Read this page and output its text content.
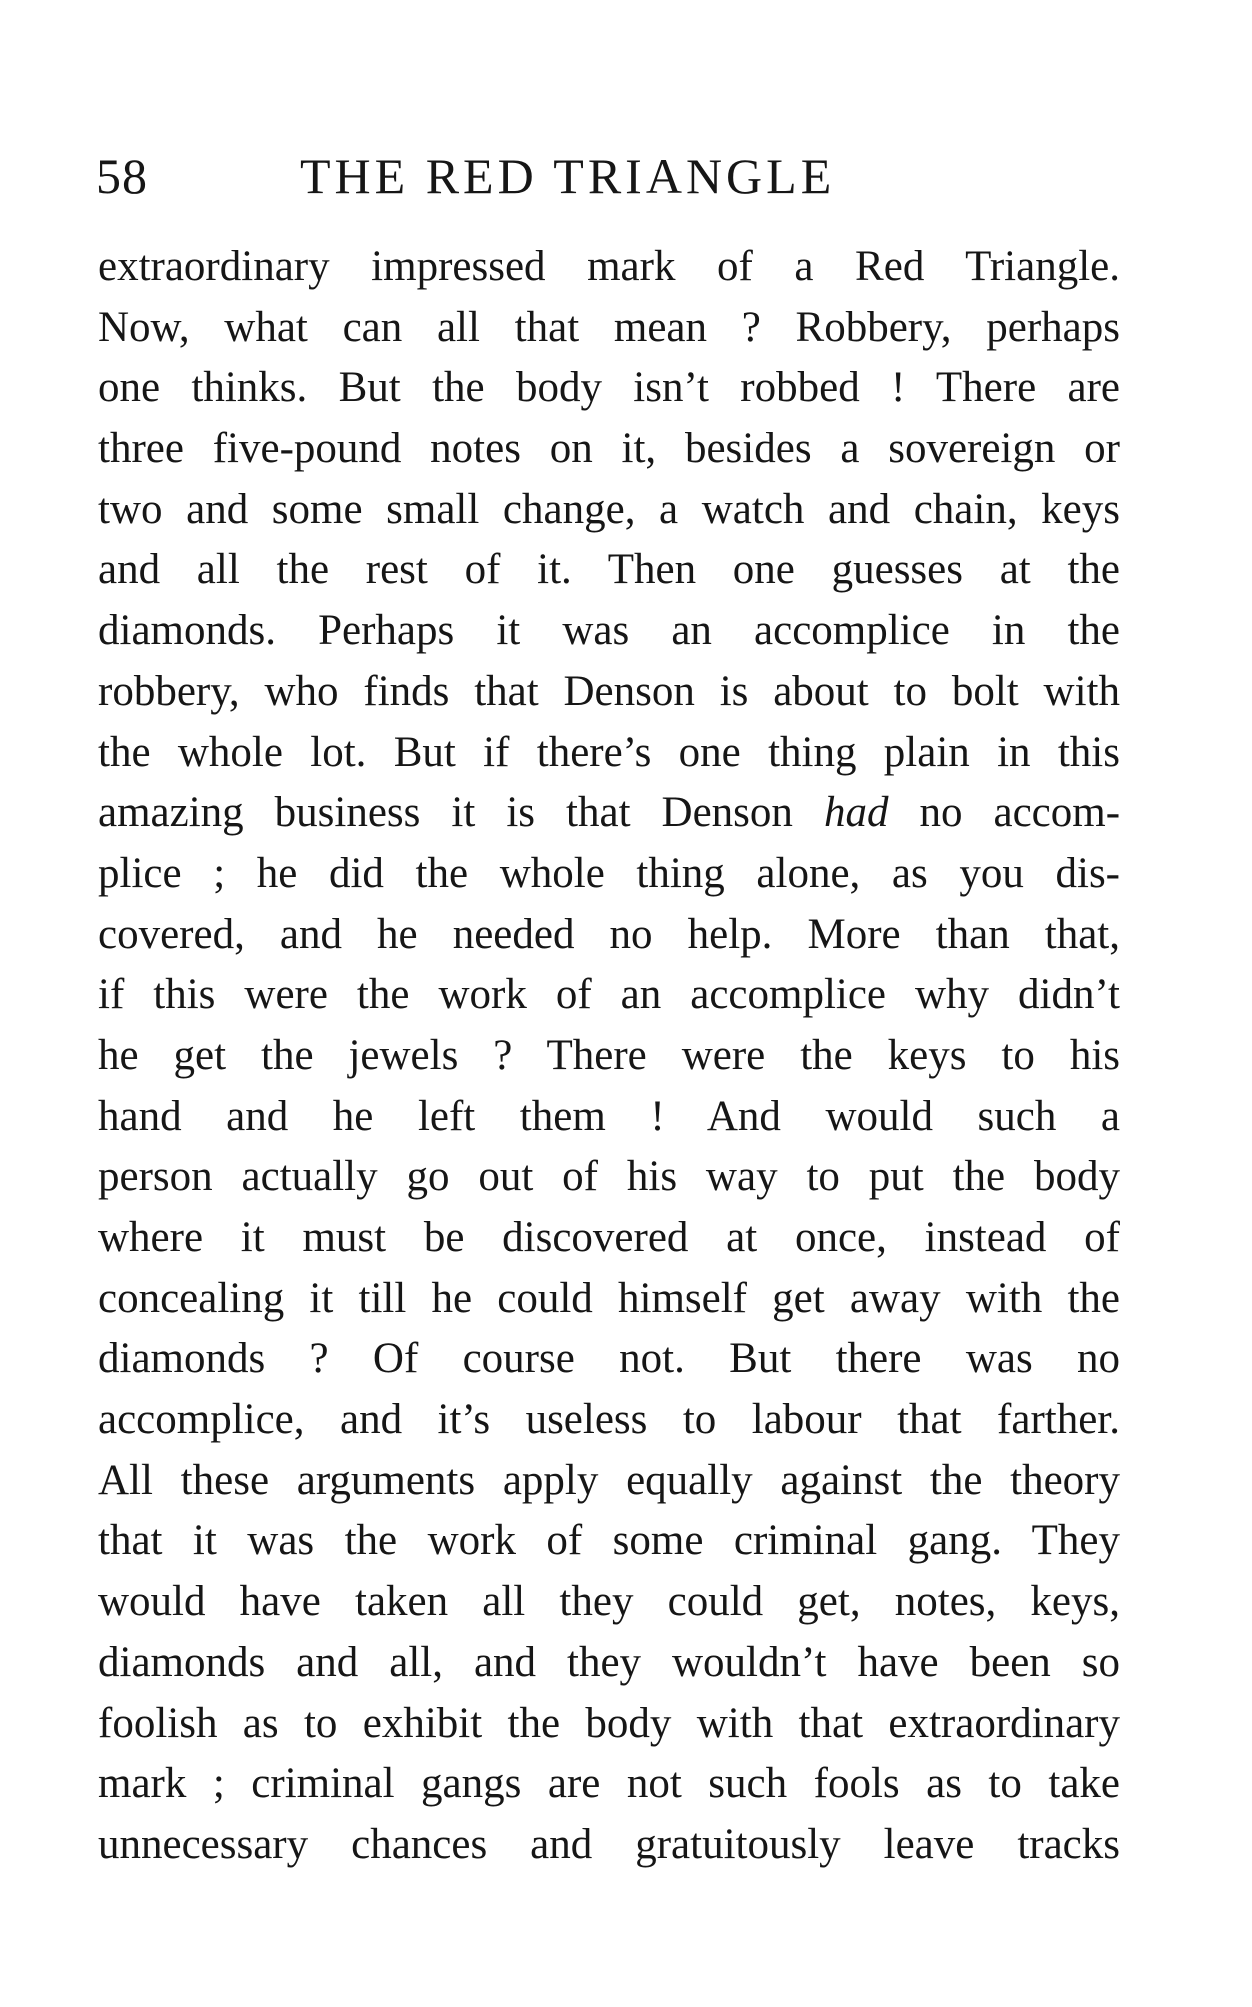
58	THE RED TRIANGLE
extraordinary impressed mark of a Red Triangle.
Now, what can all that mean ? Robbery, perhaps
one thinks. But the body isn’t robbed ! There are
three five-pound notes on it, besides a sovereign or
two and some small change, a watch and chain, keys
and all the rest of it. Then one guesses at the
diamonds. Perhaps it was an accomplice in the
robbery, who finds that Denson is about to bolt with
the whole lot. But if there’s one thing plain in this
amazing business it is that Denson had no accom-
plice ; he did the whole thing alone, as you dis-
covered, and he needed no help. More than that,
if this were the work of an accomplice why didn’t
he get the jewels ? There were the keys to his
hand and he left them ! And would such a
person actually go out of his way to put the body
where it must be discovered at once, instead of
concealing it till he could himself get away with the
diamonds ? Of course not. But there was no
accomplice, and it’s useless to labour that farther.
All these arguments apply equally against the theory
that it was the work of some criminal gang. They
would have taken all they could get, notes, keys,
diamonds and all, and they wouldn’t have been so
foolish as to exhibit the body with that extraordinary
mark ; criminal gangs are not such fools as to take
unnecessary chances and gratuitously leave tracks
